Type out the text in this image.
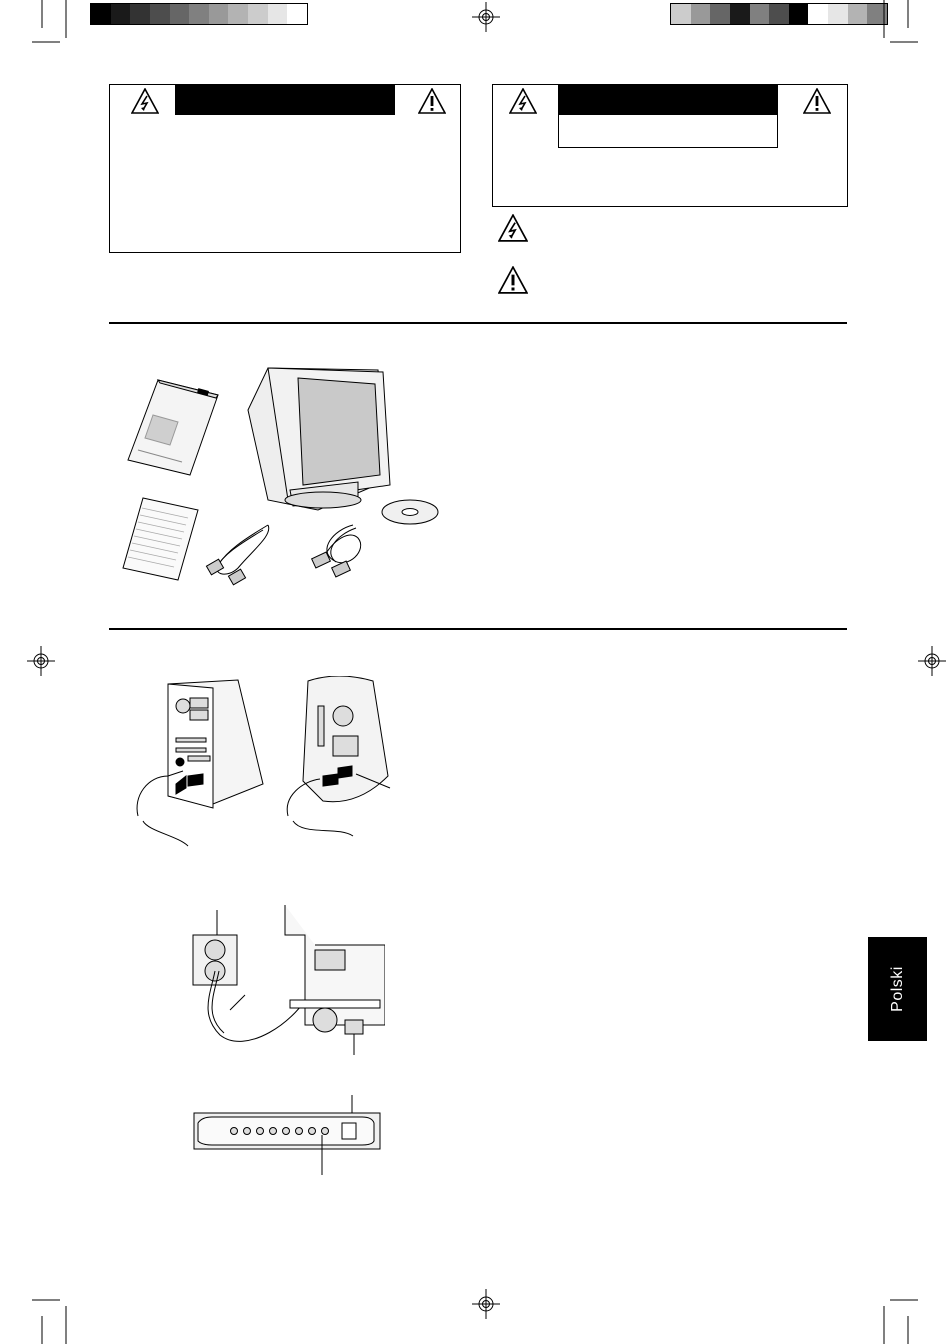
Polski
